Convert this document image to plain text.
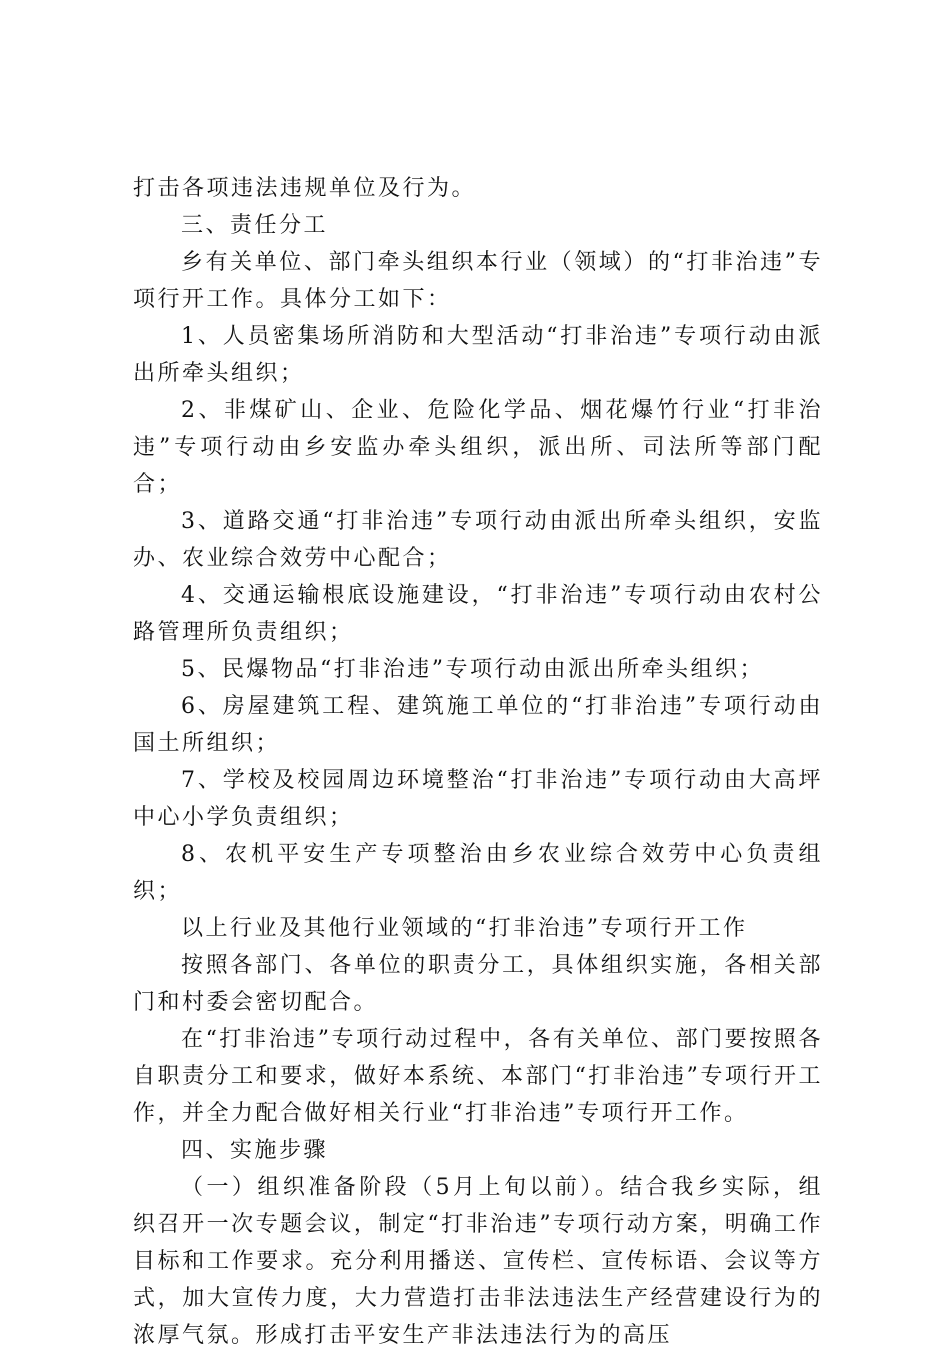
打击各项违法违规单位及行为。

三、责任分工

乡有关单位、部门牵头组织本行业（领域）的“打非治违”专项行开工作。具体分工如下：

1、人员密集场所消防和大型活动“打非治违”专项行动由派出所牵头组织；

2、非煤矿山、企业、危险化学品、烟花爆竹行业“打非治违”专项行动由乡安监办牵头组织，派出所、司法所等部门配合；

3、道路交通“打非治违”专项行动由派出所牵头组织，安监办、农业综合效劳中心配合；

4、交通运输根底设施建设，“打非治违”专项行动由农村公路管理所负责组织；

5、民爆物品“打非治违”专项行动由派出所牵头组织；

6、房屋建筑工程、建筑施工单位的“打非治违”专项行动由国土所组织；

7、学校及校园周边环境整治“打非治违”专项行动由大高坪中心小学负责组织；

8、农机平安生产专项整治由乡农业综合效劳中心负责组织；

以上行业及其他行业领域的“打非治违”专项行开工作

按照各部门、各单位的职责分工，具体组织实施，各相关部门和村委会密切配合。

在“打非治违”专项行动过程中，各有关单位、部门要按照各自职责分工和要求，做好本系统、本部门“打非治违”专项行开工作，并全力配合做好相关行业“打非治违”专项行开工作。

四、实施步骤

（一）组织准备阶段（5月上旬以前）。结合我乡实际，组织召开一次专题会议，制定“打非治违”专项行动方案，明确工作目标和工作要求。充分利用播送、宣传栏、宣传标语、会议等方式，加大宣传力度，大力营造打击非法违法生产经营建设行为的浓厚气氛。形成打击平安生产非法违法行为的高压
